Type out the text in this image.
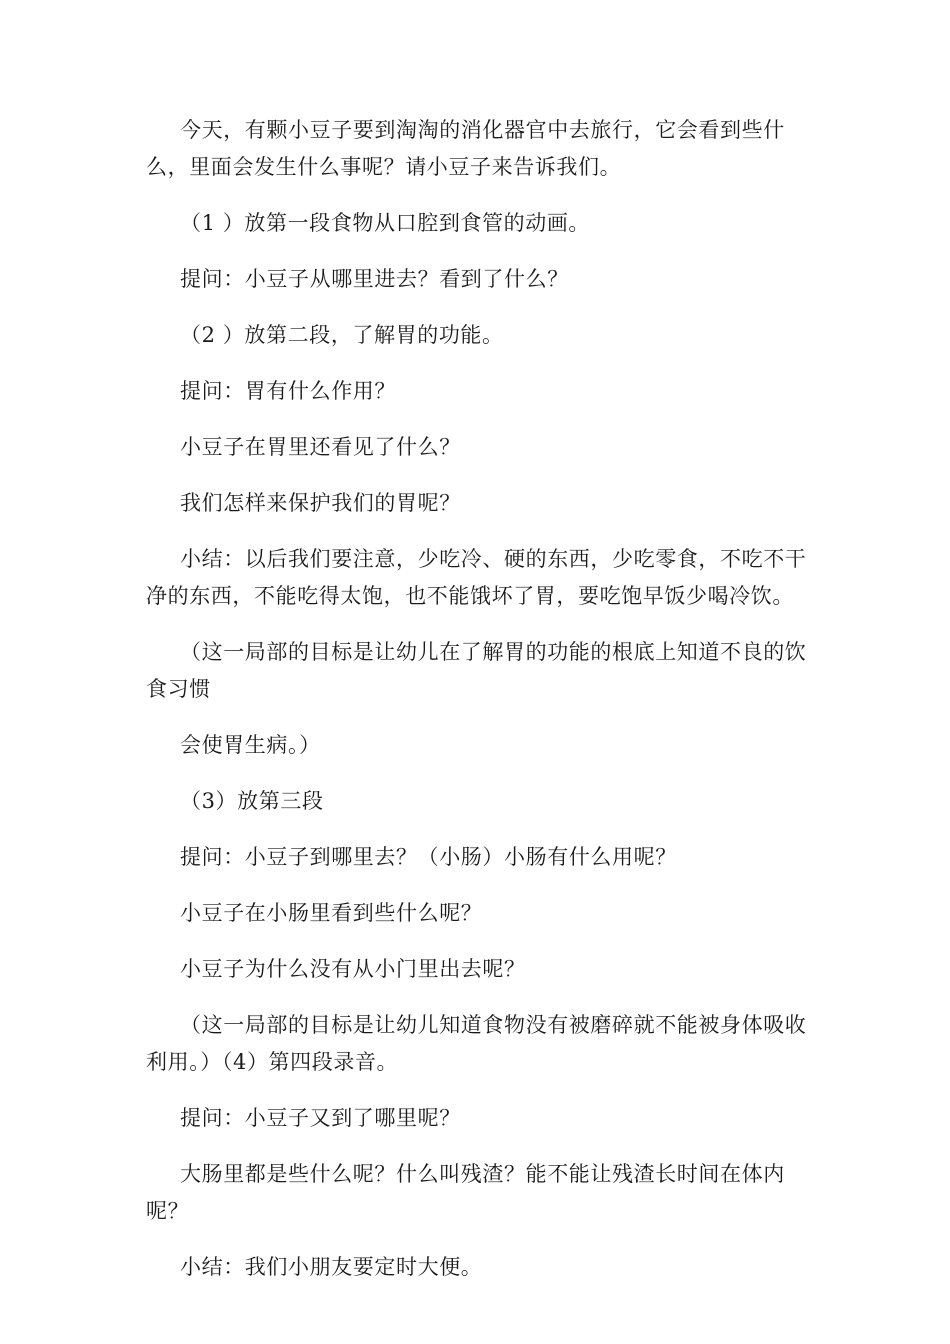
今天，有颗小豆子要到淘淘的消化器官中去旅行，它会看到些什么，里面会发生什么事呢？请小豆子来告诉我们。

（1 ）放第一段食物从口腔到食管的动画。

提问：小豆子从哪里进去？看到了什么？

（2 ）放第二段，了解胃的功能。

提问：胃有什么作用？

小豆子在胃里还看见了什么？

我们怎样来保护我们的胃呢？

小结：以后我们要注意，少吃冷、硬的东西，少吃零食，不吃不干净的东西，不能吃得太饱，也不能饿坏了胃，要吃饱早饭少喝冷饮。

（这一局部的目标是让幼儿在了解胃的功能的根底上知道不良的饮食习惯

会使胃生病。）

（3）放第三段

提问：小豆子到哪里去？（小肠）小肠有什么用呢？

小豆子在小肠里看到些什么呢？

小豆子为什么没有从小门里出去呢？

（这一局部的目标是让幼儿知道食物没有被磨碎就不能被身体吸收利用。）（4）第四段录音。

提问：小豆子又到了哪里呢？

大肠里都是些什么呢？什么叫残渣？能不能让残渣长时间在体内呢？

小结：我们小朋友要定时大便。
